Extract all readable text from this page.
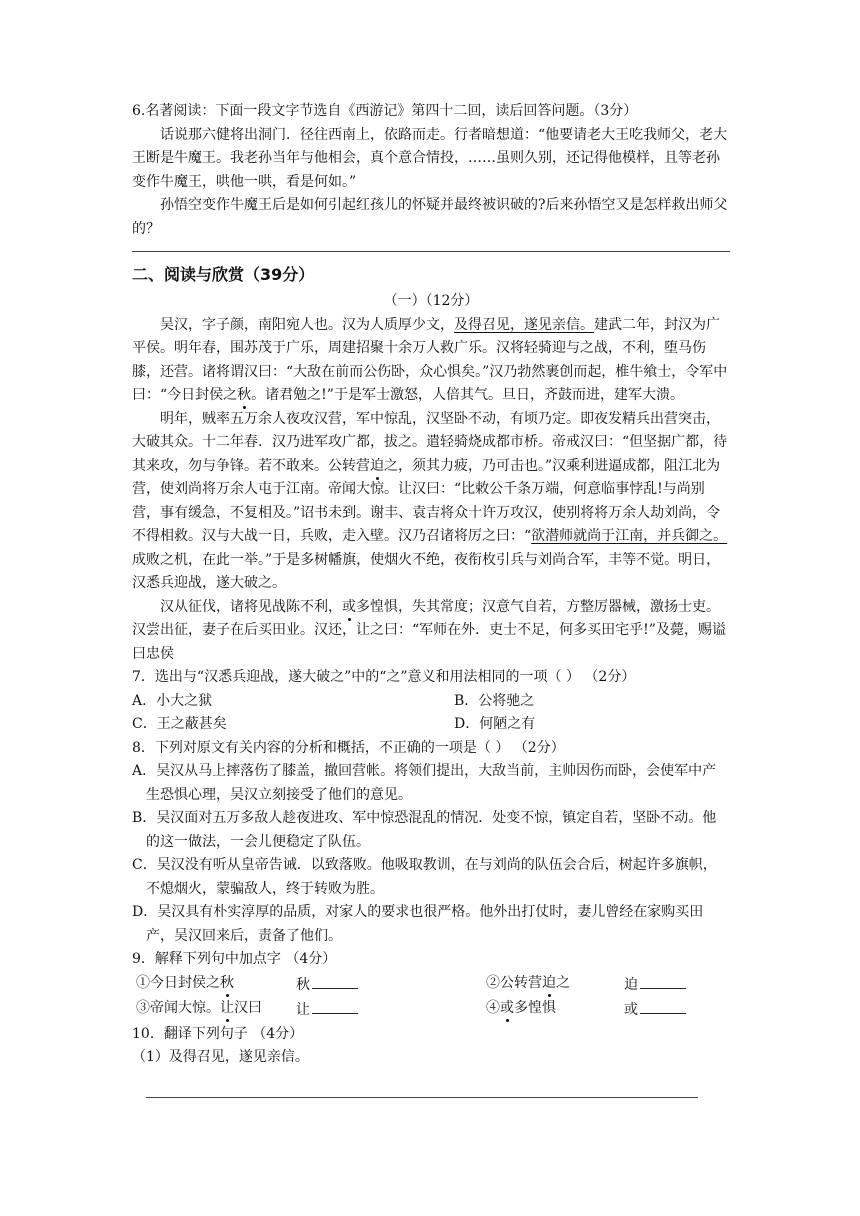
6.名著阅读：下面一段文字节选自《西游记》第四十二回，读后回答问题。（3分）

话说那六健将出洞门．径往西南上，依路而走。行者暗想道：“他要请老大王吃我师父，老大王断是牛魔王。我老孙当年与他相会，真个意合情投，……虽则久别，还记得他模样，且等老孙变作牛魔王，哄他一哄，看是何如。”

孙悟空变作牛魔王后是如何引起红孩儿的怀疑并最终被识破的?后来孙悟空又是怎样救出师父的？

二、阅读与欣赏（39分）

（一）（12分）

吴汉，字子颜，南阳宛人也。汉为人质厚少文，及得召见，遂见亲信。建武二年，封汉为广平侯。明年春，围苏茂于广乐，周建招聚十余万人救广乐。汉将轻骑迎与之战，不利，堕马伤膝，还营。诸将谓汉曰：“大敌在前而公伤卧，众心惧矣。”汉乃勃然裹创而起，椎牛飨士，令军中曰：“今日封侯之秋。诸君勉之!”于是军士激怒，人倍其气。旦日，齐鼓而进，建军大溃。

明年，贼率五万余人夜攻汉营，军中惊乱，汉坚卧不动，有顷乃定。即夜发精兵出营突击，大破其众。十二年春．汉乃进军攻广都，拔之。遣轻骑烧成都市桥。帝戒汉曰：“但坚据广都，待其来攻，勿与争锋。若不敢来。公转营迫之，须其力疲，乃可击也。”汉乘利进逼成都，阻江北为营，使刘尚将万余人屯于江南。帝闻大惊。让汉曰：“比敕公千条万端，何意临事悖乱!与尚别营，事有缓急，不复相及。”诏书未到。谢丰、袁吉将众十许万攻汉，使别将将万余人劫刘尚，令不得相救。汉与大战一日，兵败，走入壁。汉乃召诸将厉之曰：“欲潜师就尚于江南，并兵御之。成败之机，在此一举。”于是多树幡旗，使烟火不绝，夜衔枚引兵与刘尚合军，丰等不觉。明日，汉悉兵迎战，遂大破之。

汉从征伐，诸将见战陈不利，或多惶惧，失其常度；汉意气自若，方整厉器械，激扬士吏。汉尝出征，妻子在后买田业。汉还，让之曰：“军师在外．吏士不足，何多买田宅乎!”及薨，赐谥曰忠侯

7．选出与“汉悉兵迎战，遂大破之”中的“之”意义和用法相同的一项（ ） （2分）

A．小大之狱	B．公将驰之
C．王之蔽甚矣	D．何陋之有

8．下列对原文有关内容的分析和概括，不正确的一项是（ ） （2分）

A．吴汉从马上摔落伤了膝盖，撤回营帐。将领们提出，大敌当前，主帅因伤而卧，会使军中产生恐惧心理，吴汉立刻接受了他们的意见。

B．吴汉面对五万多敌人趁夜进攻、军中惊恐混乱的情况．处变不惊，镇定自若，坚卧不动。他的这一做法，一会儿便稳定了队伍。

C．吴汉没有听从皇帝告诫．以致落败。他吸取教训，在与刘尚的队伍会合后，树起许多旗帜，不熄烟火，蒙骗敌人，终于转败为胜。

D．吴汉具有朴实淳厚的品质，对家人的要求也很严格。他外出打仗时，妻儿曾经在家购买田产，吴汉回来后，责备了他们。

9．解释下列句中加点字 （4分）

①今日封侯之秋	秋	②公转营迫之	迫
③帝闻大惊。让汉曰	让	④或多惶惧	或

10．翻译下列句子 （4分）

（1）及得召见，遂见亲信。
